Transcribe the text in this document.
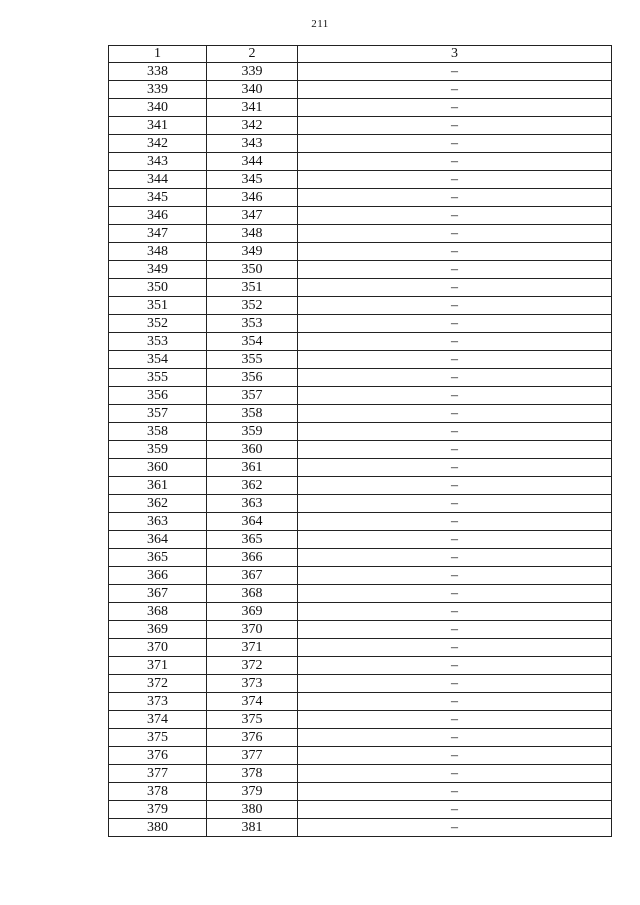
211
1	2	3
338	339	–
339	340	–
340	341	–
341	342	–
342	343	–
343	344	–
344	345	–
345	346	–
346	347	–
347	348	–
348	349	–
349	350	–
350	351	–
351	352	–
352	353	–
353	354	–
354	355	–
355	356	–
356	357	–
357	358	–
358	359	–
359	360	–
360	361	–
361	362	–
362	363	–
363	364	–
364	365	–
365	366	–
366	367	–
367	368	–
368	369	–
369	370	–
370	371	–
371	372	–
372	373	–
373	374	–
374	375	–
375	376	–
376	377	–
377	378	–
378	379	–
379	380	–
380	381	–
